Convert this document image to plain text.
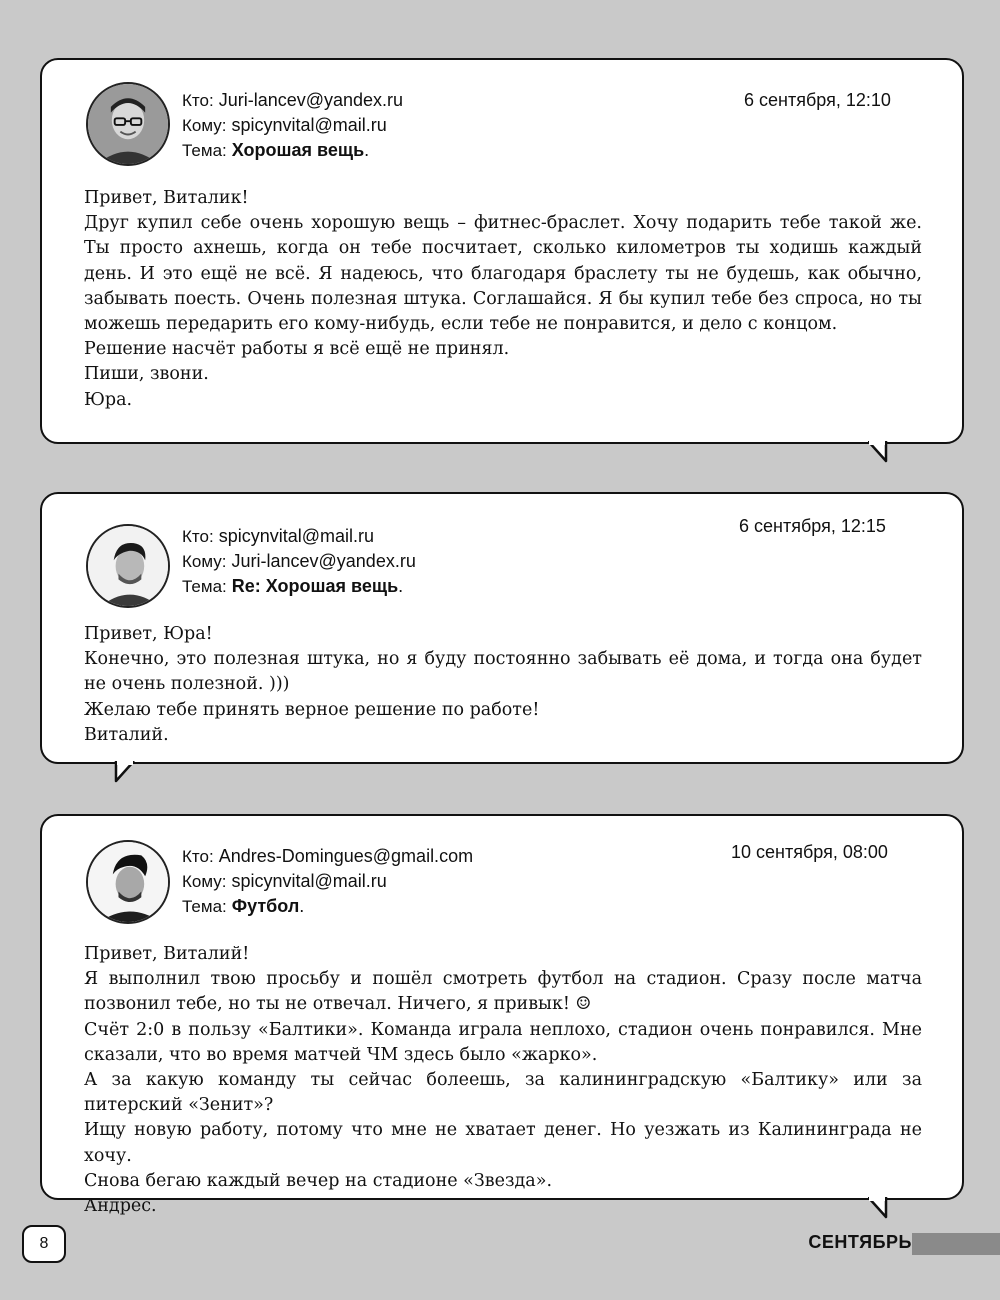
Кто: Juri-lancev@yandex.ru
Кому: spicynvital@mail.ru
Тема: Хорошая вещь.
6 сентября, 12:10
Привет, Виталик!
Друг купил себе очень хорошую вещь – фитнес-браслет. Хочу подарить тебе такой же. Ты просто ахнешь, когда он тебе посчитает, сколько километров ты ходишь каждый день. И это ещё не всё. Я надеюсь, что благодаря браслету ты не будешь, как обычно, забывать поесть. Очень полезная штука. Соглашайся. Я бы купил тебе без спроса, но ты можешь передарить его кому-нибудь, если тебе не понравится, и дело с концом.
Решение насчёт работы я всё ещё не принял.
Пиши, звони.
Юра.
Кто: spicynvital@mail.ru
Кому: Juri-lancev@yandex.ru
Тема: Re: Хорошая вещь.
6 сентября, 12:15
Привет, Юра!
Конечно, это полезная штука, но я буду постоянно забывать её дома, и тогда она будет не очень полезной. )))
Желаю тебе принять верное решение по работе!
Виталий.
Кто: Andres-Domingues@gmail.com
Кому: spicynvital@mail.ru
Тема: Футбол.
10 сентября, 08:00
Привет, Виталий!
Я выполнил твою просьбу и пошёл смотреть футбол на стадион. Сразу после матча позвонил тебе, но ты не отвечал. Ничего, я привык! ☺
Счёт 2:0 в пользу «Балтики». Команда играла неплохо, стадион очень понравился. Мне сказали, что во время матчей ЧМ здесь было «жарко».
А за какую команду ты сейчас болеешь, за калининградскую «Балтику» или за питерский «Зенит»?
Ищу новую работу, потому что мне не хватает денег. Но уезжать из Калининграда не хочу.
Снова бегаю каждый вечер на стадионе «Звезда».
Андрес.
8	СЕНТЯБРЬ
